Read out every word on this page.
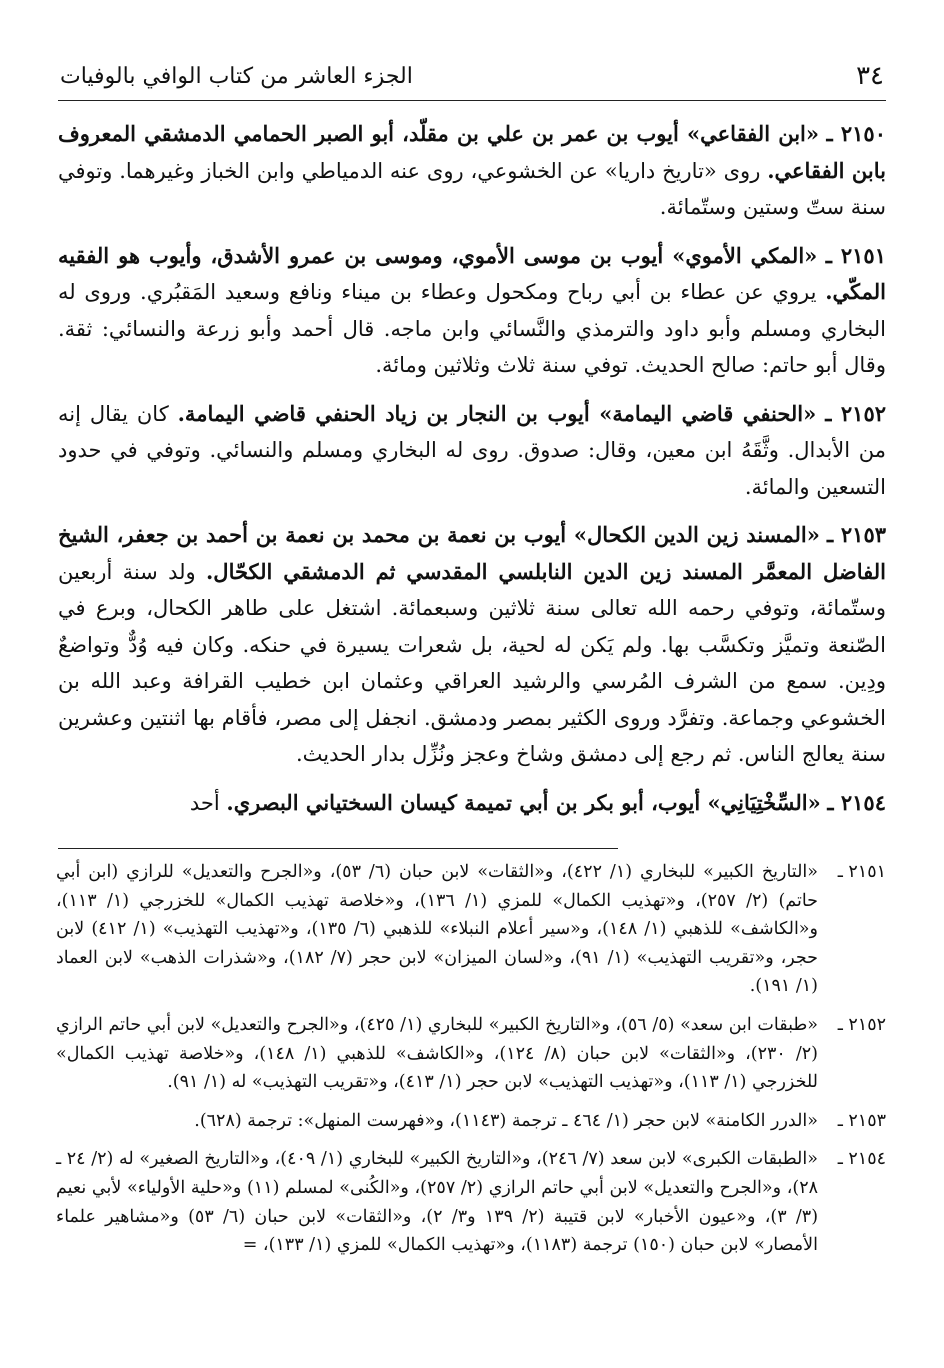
٣٤
الجزء العاشر من كتاب الوافي بالوفيات

٢١٥٠ ـ «ابن الفقاعي» أيوب بن عمر بن علي بن مقلّد، أبو الصبر الحمامي الدمشقي المعروف بابن الفقاعي. روى «تاريخ داريا» عن الخشوعي، روى عنه الدمياطي وابن الخباز وغيرهما. وتوفي سنة ستّ وستين وستّمائة.

٢١٥١ ـ «المكي الأموي» أيوب بن موسى الأموي، وموسى بن عمرو الأشدق، وأيوب هو الفقيه المكّي. يروي عن عطاء بن أبي رباح ومكحول وعطاء بن ميناء ونافع وسعيد المَقبُري. وروى له البخاري ومسلم وأبو داود والترمذي والنَّسائي وابن ماجه. قال أحمد وأبو زرعة والنسائي: ثقة. وقال أبو حاتم: صالح الحديث. توفي سنة ثلاث وثلاثين ومائة.

٢١٥٢ ـ «الحنفي قاضي اليمامة» أيوب بن النجار بن زياد الحنفي قاضي اليمامة. كان يقال إنه من الأبدال. وثَّقَهُ ابن معين، وقال: صدوق. روى له البخاري ومسلم والنسائي. وتوفي في حدود التسعين والمائة.

٢١٥٣ ـ «المسند زين الدين الكحال» أيوب بن نعمة بن محمد بن نعمة بن أحمد بن جعفر، الشيخ الفاضل المعمَّر المسند زين الدين النابلسي المقدسي ثم الدمشقي الكحّال. ولد سنة أربعين وستّمائة، وتوفي رحمه الله تعالى سنة ثلاثين وسبعمائة. اشتغل على طاهر الكحال، وبرع في الصّنعة وتميَّز وتكسَّب بها. ولم يَكن له لحية، بل شعرات يسيرة في حنكه. وكان فيه وُدٌّ وتواضعٌ ودِين. سمع من الشرف المُرسي والرشيد العراقي وعثمان ابن خطيب القرافة وعبد الله بن الخشوعي وجماعة. وتفرَّد وروى الكثير بمصر ودمشق. انجفل إلى مصر، فأقام بها اثنتين وعشرين سنة يعالج الناس. ثم رجع إلى دمشق وشاخ وعجز ونُزِّل بدار الحديث.

٢١٥٤ ـ «السِّخْتِيَانِي» أيوب، أبو بكر بن أبي تميمة كيسان السختياني البصري. أحد

٢١٥١ ـ
«التاريخ الكبير» للبخاري (١/ ٤٢٢)، و«الثقات» لابن حبان (٦/ ٥٣)، و«الجرح والتعديل» للرازي (ابن أبي حاتم) (٢/ ٢٥٧)، و«تهذيب الكمال» للمزي (١/ ١٣٦)، و«خلاصة تهذيب الكمال» للخزرجي (١/ ١١٣)، و«الكاشف» للذهبي (١/ ١٤٨)، و«سير أعلام النبلاء» للذهبي (٦/ ١٣٥)، و«تهذيب التهذيب» (١/ ٤١٢) لابن حجر، و«تقريب التهذيب» (١/ ٩١)، و«لسان الميزان» لابن حجر (٧/ ١٨٢)، و«شذرات الذهب» لابن العماد (١/ ١٩١).
٢١٥٢ ـ
«طبقات ابن سعد» (٥/ ٥٦)، و«التاريخ الكبير» للبخاري (١/ ٤٢٥)، و«الجرح والتعديل» لابن أبي حاتم الرازي (٢/ ٢٣٠)، و«الثقات» لابن حبان (٨/ ١٢٤)، و«الكاشف» للذهبي (١/ ١٤٨)، و«خلاصة تهذيب الكمال» للخزرجي (١/ ١١٣)، و«تهذيب التهذيب» لابن حجر (١/ ٤١٣)، و«تقريب التهذيب» له (١/ ٩١).
٢١٥٣ ـ
«الدرر الكامنة» لابن حجر (١/ ٤٦٤ ـ ترجمة (١١٤٣)، و«فهرست المنهل»: ترجمة (٦٢٨).
٢١٥٤ ـ
«الطبقات الكبرى» لابن سعد (٧/ ٢٤٦)، و«التاريخ الكبير» للبخاري (١/ ٤٠٩)، و«التاريخ الصغير» له (٢/ ٢٤ ـ ٢٨)، و«الجرح والتعديل» لابن أبي حاتم الرازي (٢/ ٢٥٧)، و«الكُنى» لمسلم (١١) و«حلية الأولياء» لأبي نعيم (٣/ ٣)، و«عيون الأخبار» لابن قتيبة (٢/ ١٣٩ و٣/ ٢)، و«الثقات» لابن حبان (٦/ ٥٣) و«مشاهير علماء الأمصار» لابن حبان (١٥٠) ترجمة (١١٨٣)، و«تهذيب الكمال» للمزي (١/ ١٣٣)، =
